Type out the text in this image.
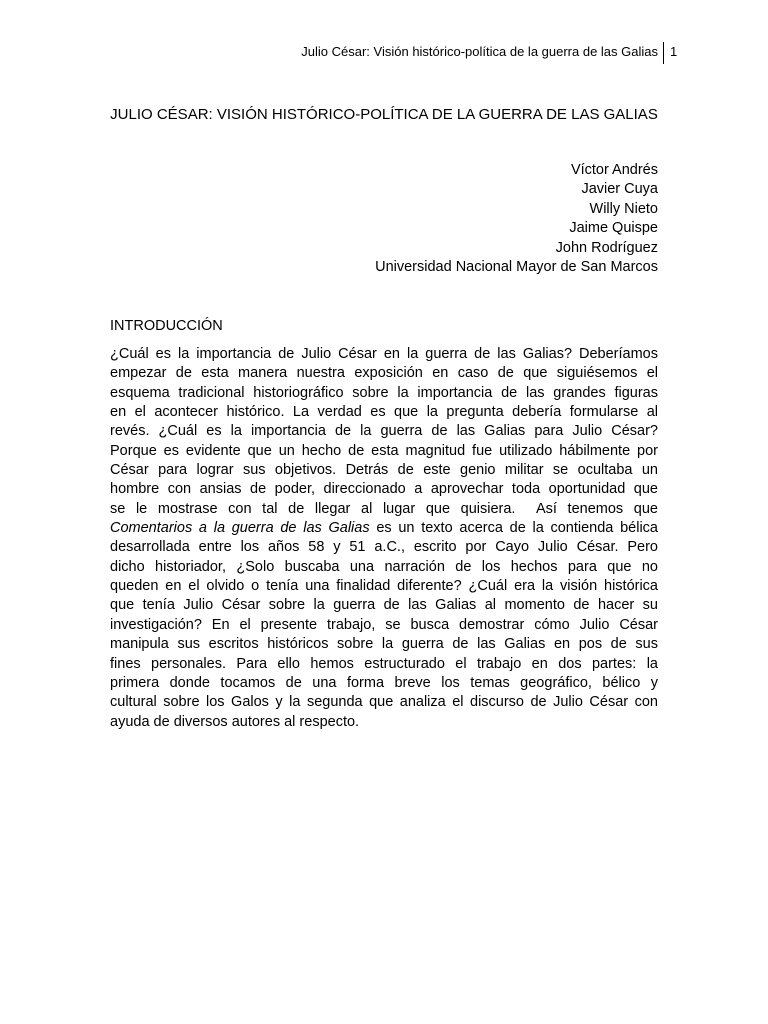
Julio César: Visión histórico-política de la guerra de las Galias 1
JULIO CÉSAR: VISIÓN HISTÓRICO-POLÍTICA DE LA GUERRA DE LAS GALIAS
Víctor Andrés
Javier Cuya
Willy Nieto
Jaime Quispe
John Rodríguez
Universidad Nacional Mayor de San Marcos
INTRODUCCIÓN
¿Cuál es la importancia de Julio César en la guerra de las Galias? Deberíamos
empezar de esta manera nuestra exposición en caso de que siguiésemos el
esquema tradicional historiográfico sobre la importancia de las grandes figuras
en el acontecer histórico. La verdad es que la pregunta debería formularse al
revés. ¿Cuál es la importancia de la guerra de las Galias para Julio César?
Porque es evidente que un hecho de esta magnitud fue utilizado hábilmente por
César para lograr sus objetivos. Detrás de este genio militar se ocultaba un
hombre con ansias de poder, direccionado a aprovechar toda oportunidad que
se le mostrase con tal de llegar al lugar que quisiera.  Así tenemos que
Comentarios a la guerra de las Galias es un texto acerca de la contienda bélica
desarrollada entre los años 58 y 51 a.C., escrito por Cayo Julio César. Pero
dicho historiador, ¿Solo buscaba una narración de los hechos para que no
queden en el olvido o tenía una finalidad diferente? ¿Cuál era la visión histórica
que tenía Julio César sobre la guerra de las Galias al momento de hacer su
investigación? En el presente trabajo, se busca demostrar cómo Julio César
manipula sus escritos históricos sobre la guerra de las Galias en pos de sus
fines personales. Para ello hemos estructurado el trabajo en dos partes: la
primera donde tocamos de una forma breve los temas geográfico, bélico y
cultural sobre los Galos y la segunda que analiza el discurso de Julio César con
ayuda de diversos autores al respecto.
